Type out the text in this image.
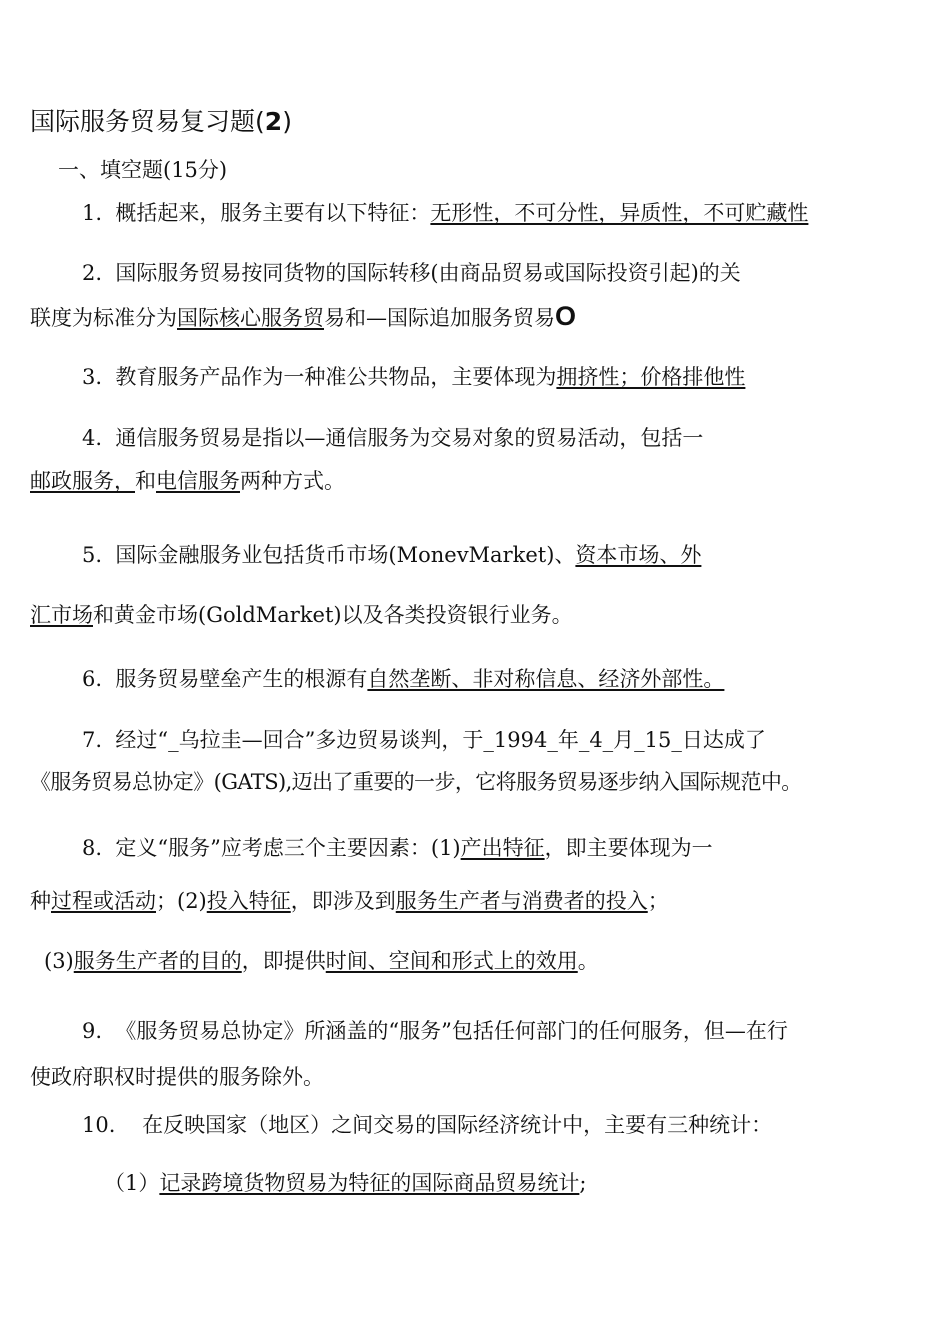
国际服务贸易复习题(2)
一、填空题(15分)
1. 概括起来，服务主要有以下特征：无形性，不可分性，异质性，不可贮藏性
2. 国际服务贸易按同货物的国际转移(由商品贸易或国际投资引起)的关
联度为标准分为国际核心服务贸易和—国际追加服务贸易O
3. 教育服务产品作为一种准公共物品，主要体现为拥挤性；价格排他性
4. 通信服务贸易是指以—通信服务为交易对象的贸易活动，包括一
邮政服务，和电信服务两种方式。
5. 国际金融服务业包括货币市场(MonevMarket)、资本市场、外
汇市场和黄金市场(GoldMarket)以及各类投资银行业务。
6. 服务贸易壁垒产生的根源有自然垄断、非对称信息、经济外部性。
7. 经过“_乌拉圭—回合”多边贸易谈判，于_1994_年_4_月_15_日达成了
《服务贸易总协定》(GATS),迈出了重要的一步，它将服务贸易逐步纳入国际规范中。
8. 定义“服务”应考虑三个主要因素：(1)产出特征，即主要体现为一
种过程或活动；(2)投入特征，即涉及到服务生产者与消费者的投入；
(3)服务生产者的目的，即提供时间、空间和形式上的效用。
9. 《服务贸易总协定》所涵盖的“服务”包括任何部门的任何服务，但—在行
使政府职权时提供的服务除外。
10. 在反映国家（地区）之间交易的国际经济统计中，主要有三种统计：
（1）记录跨境货物贸易为特征的国际商品贸易统计;
